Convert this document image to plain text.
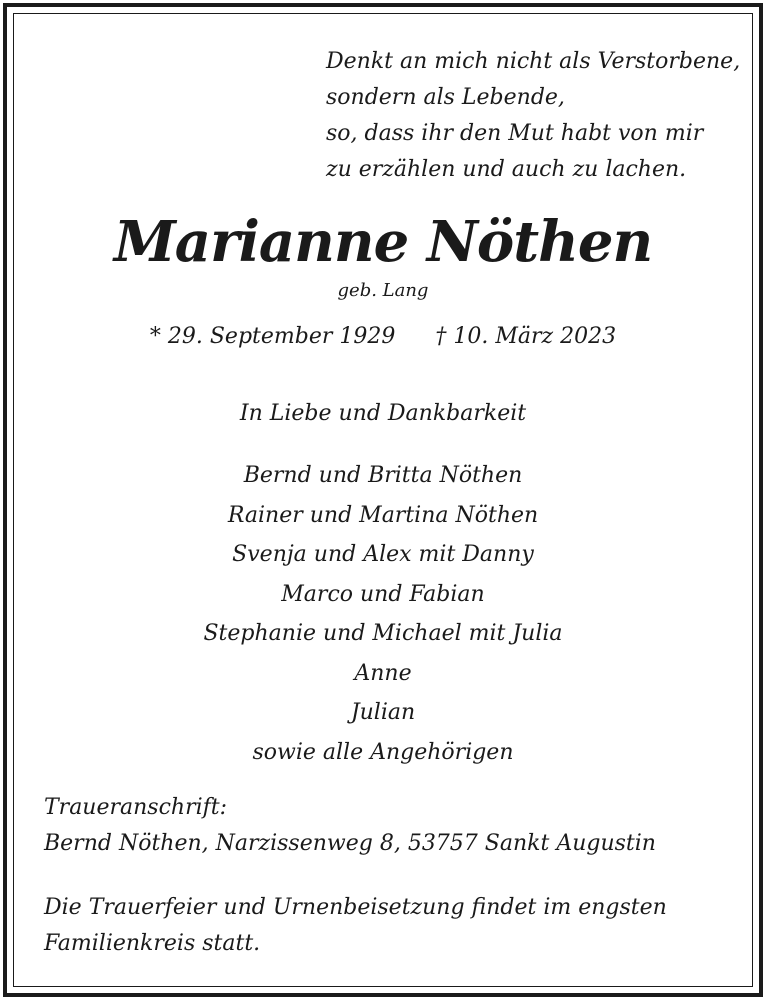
Denkt an mich nicht als Verstorbene,
sondern als Lebende,
so, dass ihr den Mut habt von mir
zu erzählen und auch zu lachen.
Marianne Nöthen
geb. Lang
* 29. September 1929 † 10. März 2023
In Liebe und Dankbarkeit
Bernd und Britta Nöthen
Rainer und Martina Nöthen
Svenja und Alex mit Danny
Marco und Fabian
Stephanie und Michael mit Julia
Anne
Julian
sowie alle Angehörigen
Traueranschrift:
Bernd Nöthen, Narzissenweg 8, 53757 Sankt Augustin
Die Trauerfeier und Urnenbeisetzung findet im engsten
Familienkreis statt.
